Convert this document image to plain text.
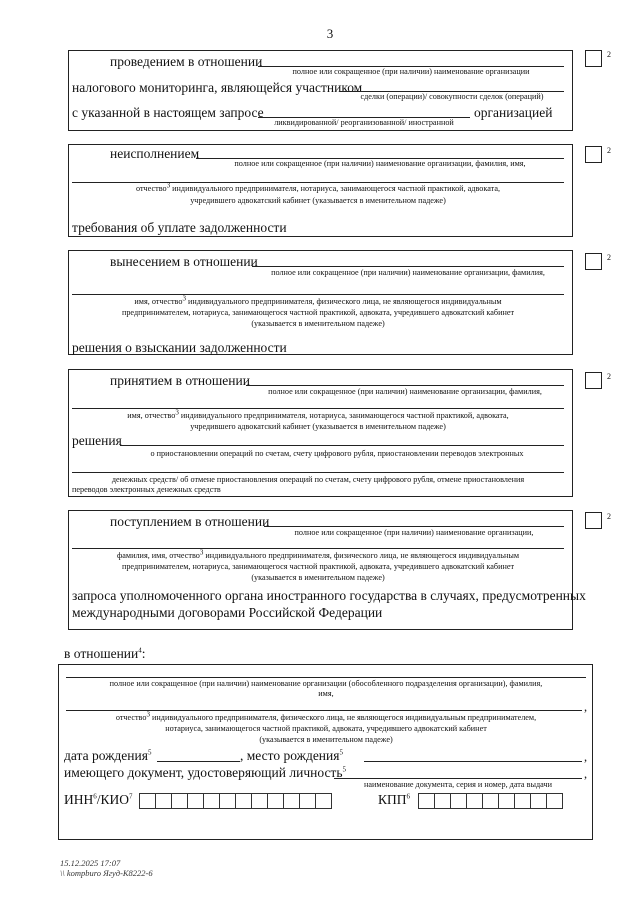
3
2
проведением в отношении
полное или сокращенное (при наличии) наименование организации
налогового мониторинга, являющейся участником
сделки (операции)/ совокупности сделок (операций)
с указанной в настоящем запросе	организацией
ликвидированной/ реорганизованной/ иностранной
2
неисполнением
полное или сокращенное (при наличии) наименование организации, фамилия, имя,
отчество$^3$ индивидуального предпринимателя, нотариуса, занимающегося частной практикой, адвоката,
учредившего адвокатский кабинет (указывается в именительном падеже)
требования об уплате задолженности
2
вынесением в отношении
полное или сокращенное (при наличии) наименование организации, фамилия,
имя, отчество$^3$ индивидуального предпринимателя, физического лица, не являющегося индивидуальным
предпринимателем, нотариуса, занимающегося частной практикой, адвоката, учредившего адвокатский кабинет
(указывается в именительном падеже)
решения о взыскании задолженности
2
принятием в отношении
полное или сокращенное (при наличии) наименование организации, фамилия,
имя, отчество$^3$ индивидуального предпринимателя, нотариуса, занимающегося частной практикой, адвоката,
учредившего адвокатский кабинет (указывается в именительном падеже)
решения
о приостановлении операций по счетам, счету цифрового рубля, приостановлении переводов электронных
денежных средств/ об отмене приостановления операций по счетам, счету цифрового рубля, отмене приостановления
переводов электронных денежных средств
2
поступлением в отношении
полное или сокращенное (при наличии) наименование организации,
фамилия, имя, отчество$^3$ индивидуального предпринимателя, физического лица, не являющегося индивидуальным
предпринимателем, нотариуса, занимающегося частной практикой, адвоката, учредившего адвокатский кабинет
(указывается в именительном падеже)
запроса уполномоченного органа иностранного государства в случаях, предусмотренных
международными договорами Российской Федерации
в отношении$^4$:
полное или сокращенное (при наличии) наименование организации (обособленного подразделения организации), фамилия,
имя,
,
отчество$^3$ индивидуального предпринимателя, физического лица, не являющегося индивидуальным предпринимателем,
нотариуса, занимающегося частной практикой, адвоката, учредившего адвокатский кабинет
(указывается в именительном падеже)
дата рождения$^5$	, место рождения$^5$	,
имеющего документ, удостоверяющий личность$^5$	,
наименование документа, серия и номер, дата выдачи
ИНН$^6$/КИО$^7$	КПП$^6$
15.12.2025 17:07
\\ kompburo Ягуд-К8222-6
